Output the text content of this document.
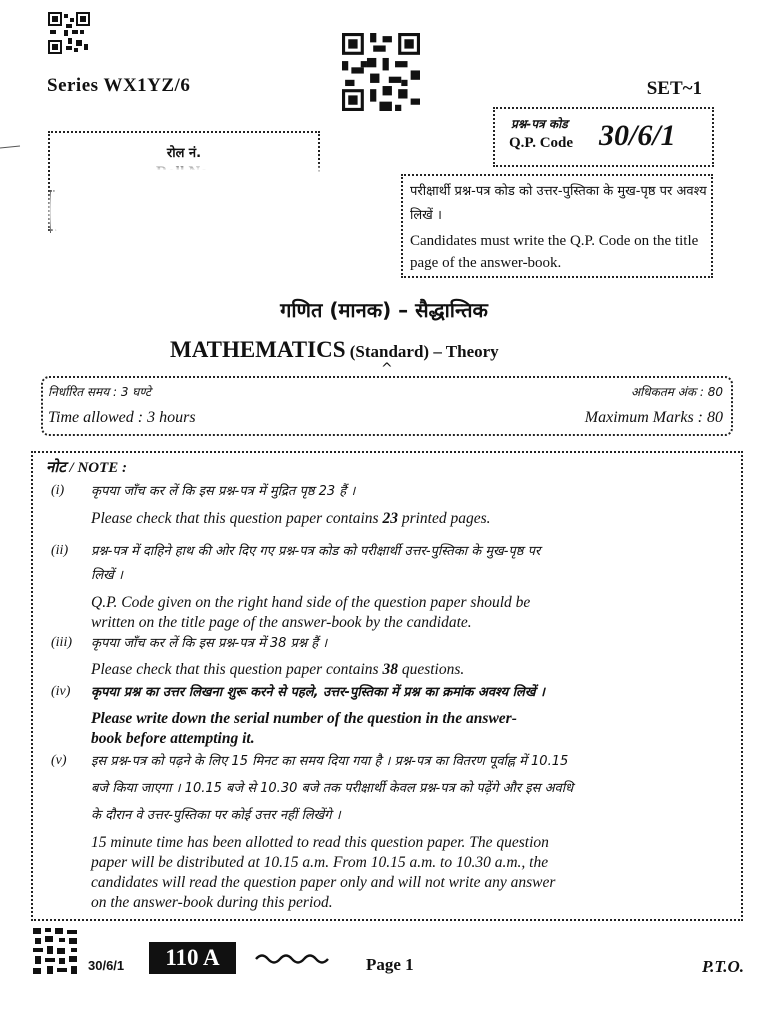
Series WX1YZ/6	SET~1
प्रश्न-पत्र कोड
Q.P. Code 30/6/1
रोल नं.
परीक्षार्थी प्रश्न-पत्र कोड को उत्तर-पुस्तिका के मुख-पृष्ठ पर अवश्य लिखें ।
Candidates must write the Q.P. Code on the title page of the answer-book.
गणित (मानक) – सैद्धान्तिक
MATHEMATICS (Standard) – Theory
^
निर्धारित समय : 3 घण्टे	अधिकतम अंक : 80
Time allowed : 3 hours	Maximum Marks : 80
नोट / NOTE :
(i) कृपया जाँच कर लें कि इस प्रश्न-पत्र में मुद्रित पृष्ठ 23 हैं ।
Please check that this question paper contains 23 printed pages.
(ii) प्रश्न-पत्र में दाहिने हाथ की ओर दिए गए प्रश्न-पत्र कोड को परीक्षार्थी उत्तर-पुस्तिका के मुख-पृष्ठ पर
लिखें ।
Q.P. Code given on the right hand side of the question paper should be
written on the title page of the answer-book by the candidate.
(iii) कृपया जाँच कर लें कि इस प्रश्न-पत्र में 38 प्रश्न हैं ।
Please check that this question paper contains 38 questions.
(iv) कृपया प्रश्न का उत्तर लिखना शुरू करने से पहले, उत्तर-पुस्तिका में प्रश्न का क्रमांक अवश्य लिखें ।
Please write down the serial number of the question in the answer-
book before attempting it.
(v) इस प्रश्न-पत्र को पढ़ने के लिए 15 मिनट का समय दिया गया है । प्रश्न-पत्र का वितरण पूर्वाह्न में 10.15
बजे किया जाएगा । 10.15 बजे से 10.30 बजे तक परीक्षार्थी केवल प्रश्न-पत्र को पढ़ेंगे और इस अवधि
के दौरान वे उत्तर-पुस्तिका पर कोई उत्तर नहीं लिखेंगे ।
15 minute time has been allotted to read this question paper. The question
paper will be distributed at 10.15 a.m. From 10.15 a.m. to 10.30 a.m., the
candidates will read the question paper only and will not write any answer
on the answer-book during this period.
30/6/1	110 A	Page 1	P.T.O.
